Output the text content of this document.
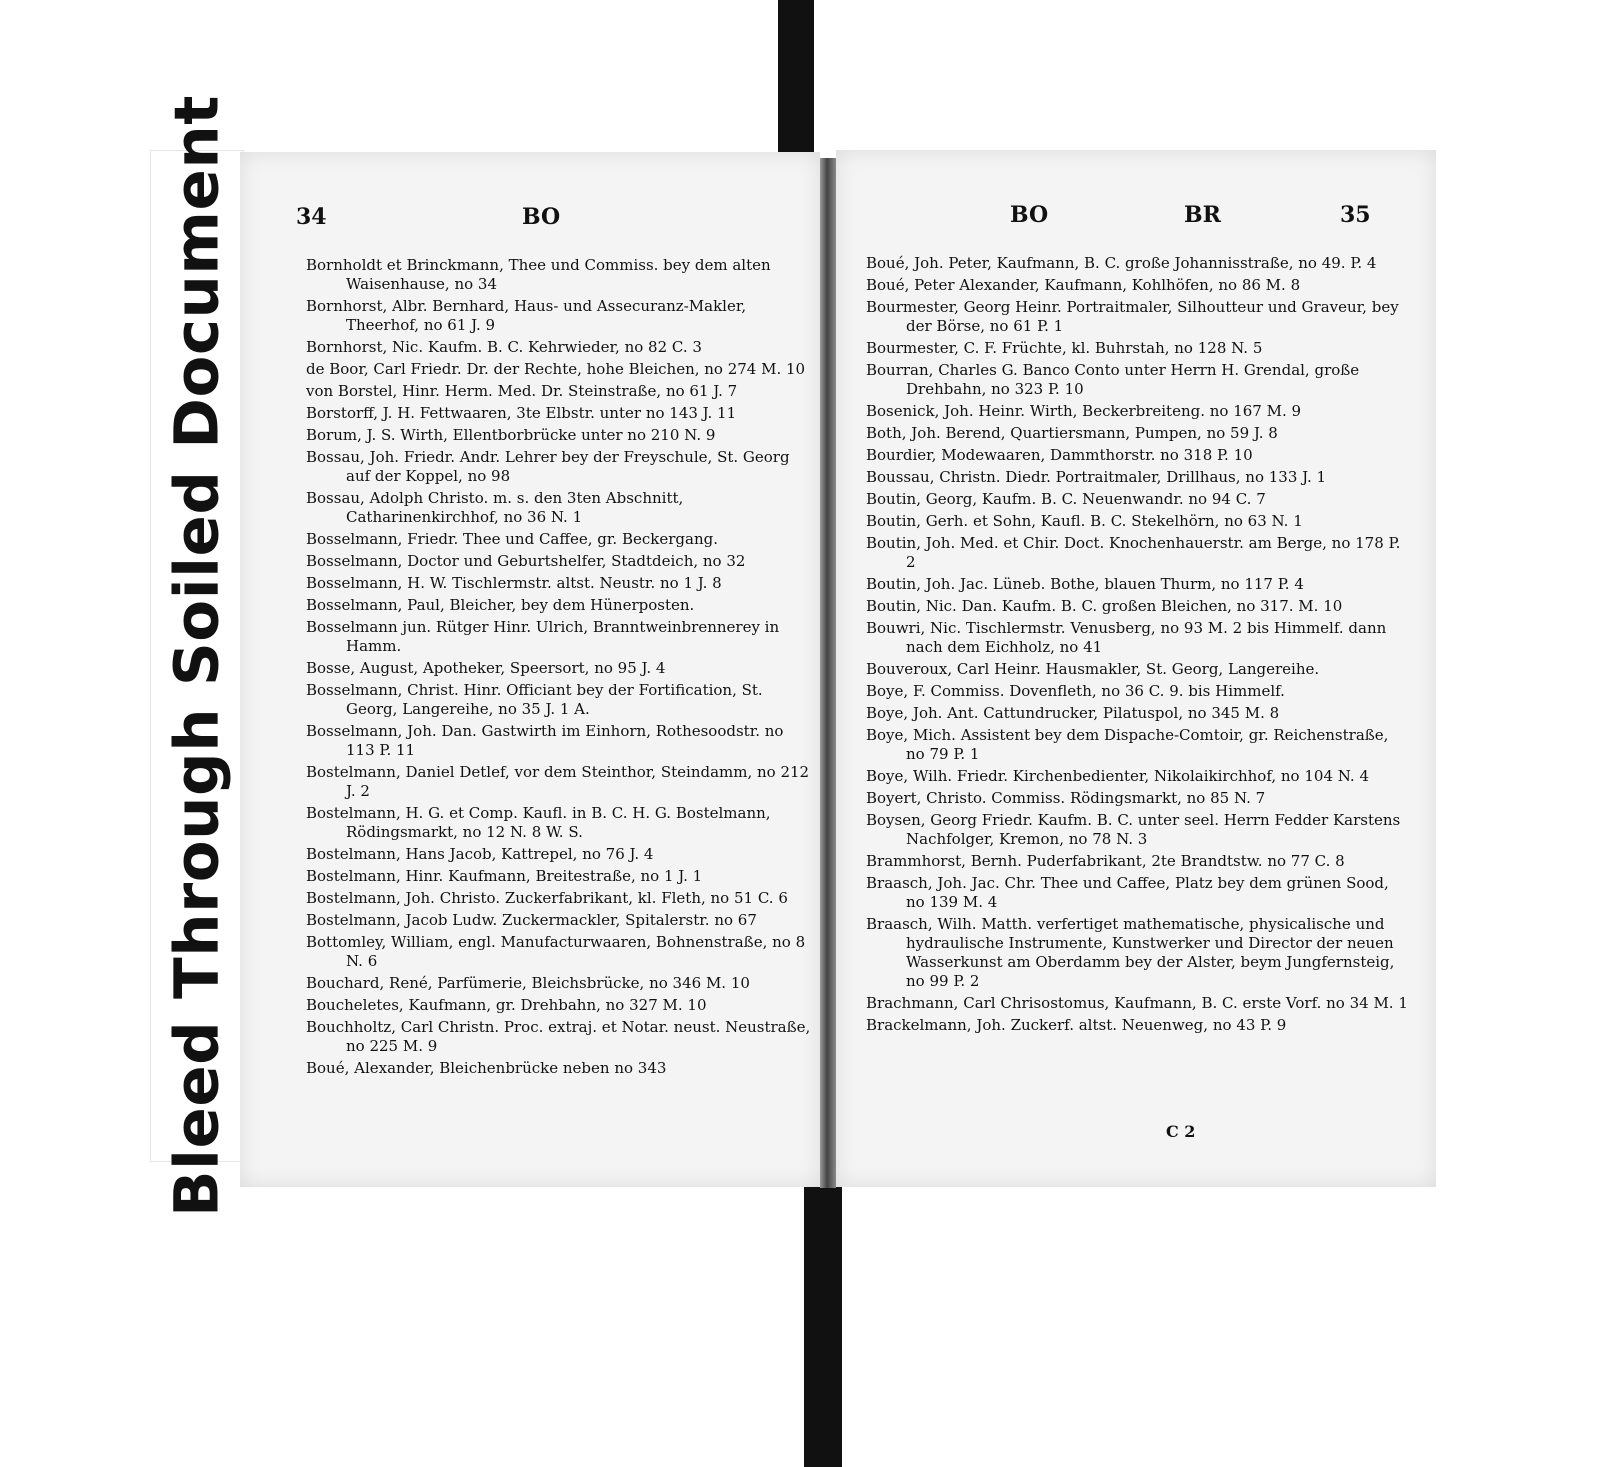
Bleed Through Soiled Document	34	BO
Bornholdt et Brinckmann, Thee und Commiss. bey dem alten Waisenhause, no 34
Bornhorst, Albr. Bernhard, Haus- und Assecuranz-Makler, Theerhof, no 61 J. 9
Bornhorst, Nic. Kaufm. B. C. Kehrwieder, no 82 C. 3
de Boor, Carl Friedr. Dr. der Rechte, hohe Bleichen, no 274 M. 10
von Borstel, Hinr. Herm. Med. Dr. Steinstraße, no 61 J. 7
Borstorff, J. H. Fettwaaren, 3te Elbstr. unter no 143 J. 11
Borum, J. S. Wirth, Ellentborbrücke unter no 210 N. 9
Bossau, Joh. Friedr. Andr. Lehrer bey der Freyschule, St. Georg auf der Koppel, no 98
Bossau, Adolph Christo. m. s. den 3ten Abschnitt, Catharinenkirchhof, no 36 N. 1
Bosselmann, Friedr. Thee und Caffee, gr. Beckergang.
Bosselmann, Doctor und Geburtshelfer, Stadtdeich, no 32
Bosselmann, H. W. Tischlermstr. altst. Neustr. no 1 J. 8
Bosselmann, Paul, Bleicher, bey dem Hünerposten.
Bosselmann jun. Rütger Hinr. Ulrich, Branntweinbrennerey in Hamm.
Bosse, August, Apotheker, Speersort, no 95 J. 4
Bosselmann, Christ. Hinr. Officiant bey der Fortification, St. Georg, Langereihe, no 35 J. 1 A.
Bosselmann, Joh. Dan. Gastwirth im Einhorn, Rothesoodstr. no 113 P. 11
Bostelmann, Daniel Detlef, vor dem Steinthor, Steindamm, no 212 J. 2
Bostelmann, H. G. et Comp. Kaufl. in B. C. H. G. Bostelmann, Rödingsmarkt, no 12 N. 8 W. S.
Bostelmann, Hans Jacob, Kattrepel, no 76 J. 4
Bostelmann, Hinr. Kaufmann, Breitestraße, no 1 J. 1
Bostelmann, Joh. Christo. Zuckerfabrikant, kl. Fleth, no 51 C. 6
Bostelmann, Jacob Ludw. Zuckermackler, Spitalerstr. no 67
Bottomley, William, engl. Manufacturwaaren, Bohnenstraße, no 8 N. 6
Bouchard, René, Parfümerie, Bleichsbrücke, no 346 M. 10
Boucheletes, Kaufmann, gr. Drehbahn, no 327 M. 10
Bouchholtz, Carl Christn. Proc. extraj. et Notar. neust. Neustraße, no 225 M. 9
Boué, Alexander, Bleichenbrücke neben no 343
BO	BR	35
Boué, Joh. Peter, Kaufmann, B. C. große Johannisstraße, no 49. P. 4
Boué, Peter Alexander, Kaufmann, Kohlhöfen, no 86 M. 8
Bourmester, Georg Heinr. Portraitmaler, Silhoutteur und Graveur, bey der Börse, no 61 P. 1
Bourmester, C. F. Früchte, kl. Buhrstah, no 128 N. 5
Bourran, Charles G. Banco Conto unter Herrn H. Grendal, große Drehbahn, no 323 P. 10
Bosenick, Joh. Heinr. Wirth, Beckerbreiteng. no 167 M. 9
Both, Joh. Berend, Quartiersmann, Pumpen, no 59 J. 8
Bourdier, Modewaaren, Dammthorstr. no 318 P. 10
Boussau, Christn. Diedr. Portraitmaler, Drillhaus, no 133 J. 1
Boutin, Georg, Kaufm. B. C. Neuenwandr. no 94 C. 7
Boutin, Gerh. et Sohn, Kaufl. B. C. Stekelhörn, no 63 N. 1
Boutin, Joh. Med. et Chir. Doct. Knochenhauerstr. am Berge, no 178 P. 2
Boutin, Joh. Jac. Lüneb. Bothe, blauen Thurm, no 117 P. 4
Boutin, Nic. Dan. Kaufm. B. C. großen Bleichen, no 317. M. 10
Bouwri, Nic. Tischlermstr. Venusberg, no 93 M. 2 bis Himmelf. dann nach dem Eichholz, no 41
Bouveroux, Carl Heinr. Hausmakler, St. Georg, Langereihe.
Boye, F. Commiss. Dovenfleth, no 36 C. 9. bis Himmelf.
Boye, Joh. Ant. Cattundrucker, Pilatuspol, no 345 M. 8
Boye, Mich. Assistent bey dem Dispache-Comtoir, gr. Reichenstraße, no 79 P. 1
Boye, Wilh. Friedr. Kirchenbedienter, Nikolaikirchhof, no 104 N. 4
Boyert, Christo. Commiss. Rödingsmarkt, no 85 N. 7
Boysen, Georg Friedr. Kaufm. B. C. unter seel. Herrn Fedder Karstens Nachfolger, Kremon, no 78 N. 3
Brammhorst, Bernh. Puderfabrikant, 2te Brandtstw. no 77 C. 8
Braasch, Joh. Jac. Chr. Thee und Caffee, Platz bey dem grünen Sood, no 139 M. 4
Braasch, Wilh. Matth. verfertiget mathematische, physicalische und hydraulische Instrumente, Kunstwerker und Director der neuen Wasserkunst am Oberdamm bey der Alster, beym Jungfernsteig, no 99 P. 2
Brachmann, Carl Chrisostomus, Kaufmann, B. C. erste Vorf. no 34 M. 1
Brackelmann, Joh. Zuckerf. altst. Neuenweg, no 43 P. 9
C 2
